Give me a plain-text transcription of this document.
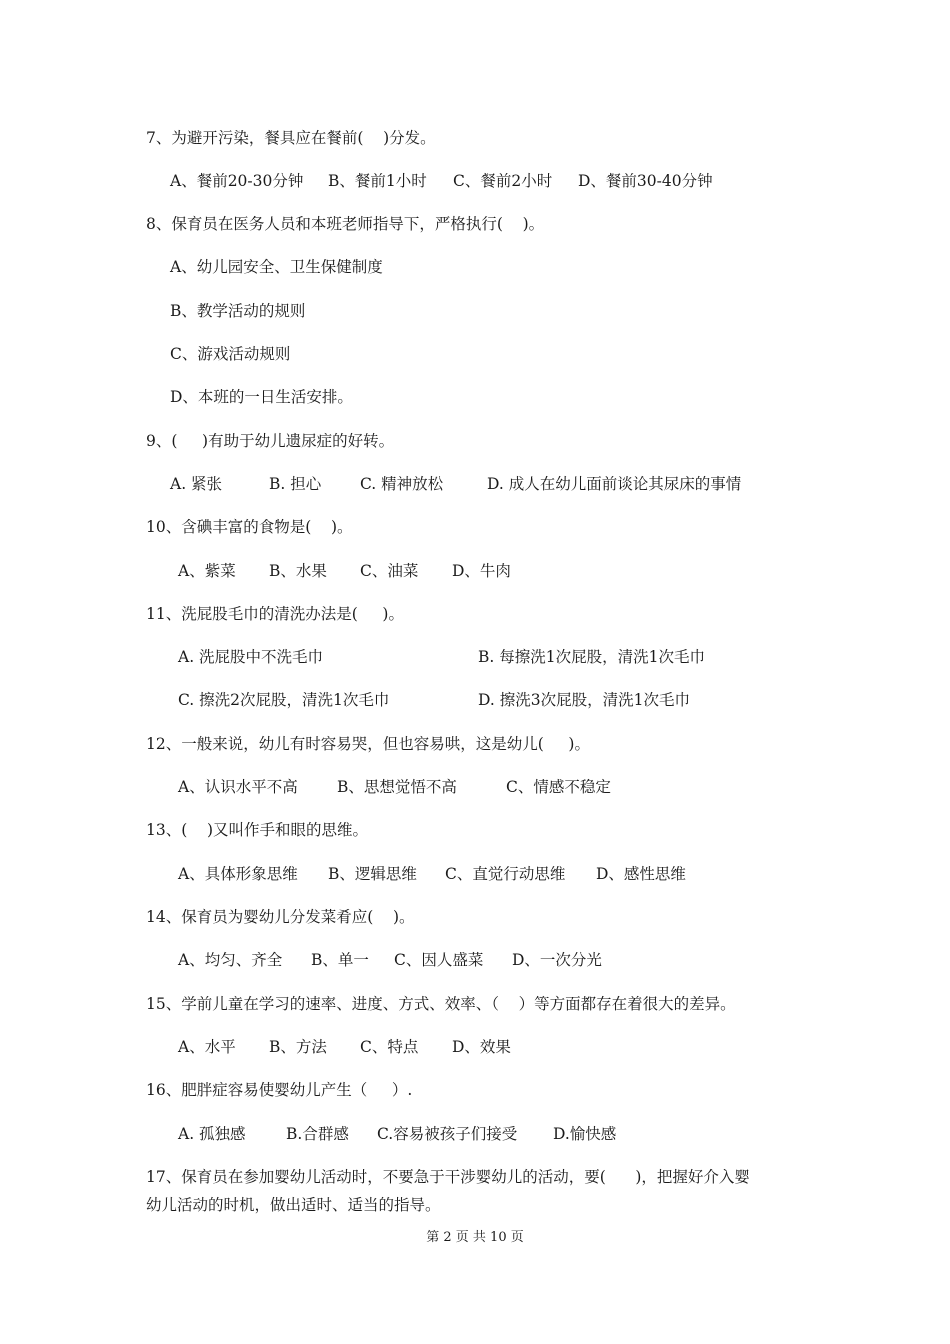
7、为避开污染，餐具应在餐前(    )分发。
A、餐前20-30分钟 B、餐前1小时 C、餐前2小时 D、餐前30-40分钟
8、保育员在医务人员和本班老师指导下，严格执行(    )。
A、幼儿园安全、卫生保健制度
B、教学活动的规则
C、游戏活动规则
D、本班的一日生活安排。
9、(     )有助于幼儿遗尿症的好转。
A. 紧张	B. 担心	C. 精神放松	D. 成人在幼儿面前谈论其尿床的事情
10、含碘丰富的食物是(    )。
A、紫菜 B、水果 C、油菜 D、牛肉
11、洗屁股毛巾的清洗办法是(     )。
A. 洗屁股中不洗毛巾	B. 每擦洗1次屁股，清洗1次毛巾
C. 擦洗2次屁股，清洗1次毛巾	D. 擦洗3次屁股，清洗1次毛巾
12、一般来说，幼儿有时容易哭，但也容易哄，这是幼儿(     )。
A、认识水平不高	B、思想觉悟不高	C、情感不稳定
13、(    )又叫作手和眼的思维。
A、具体形象思维 B、逻辑思维 C、直觉行动思维 D、感性思维
14、保育员为婴幼儿分发菜肴应(    )。
A、均匀、齐全 B、单一 C、因人盛菜 D、一次分光
15、学前儿童在学习的速率、进度、方式、效率、（    ）等方面都存在着很大的差异。
A、水平 B、方法 C、特点 D、效果
16、肥胖症容易使婴幼儿产生（     ）.
A. 孤独感	B.合群感 C.容易被孩子们接受 D.愉快感
17、保育员在参加婴幼儿活动时，不要急于干涉婴幼儿的活动，要(      )，把握好介入婴
幼儿活动的时机，做出适时、适当的指导。
第 2 页 共 10 页
